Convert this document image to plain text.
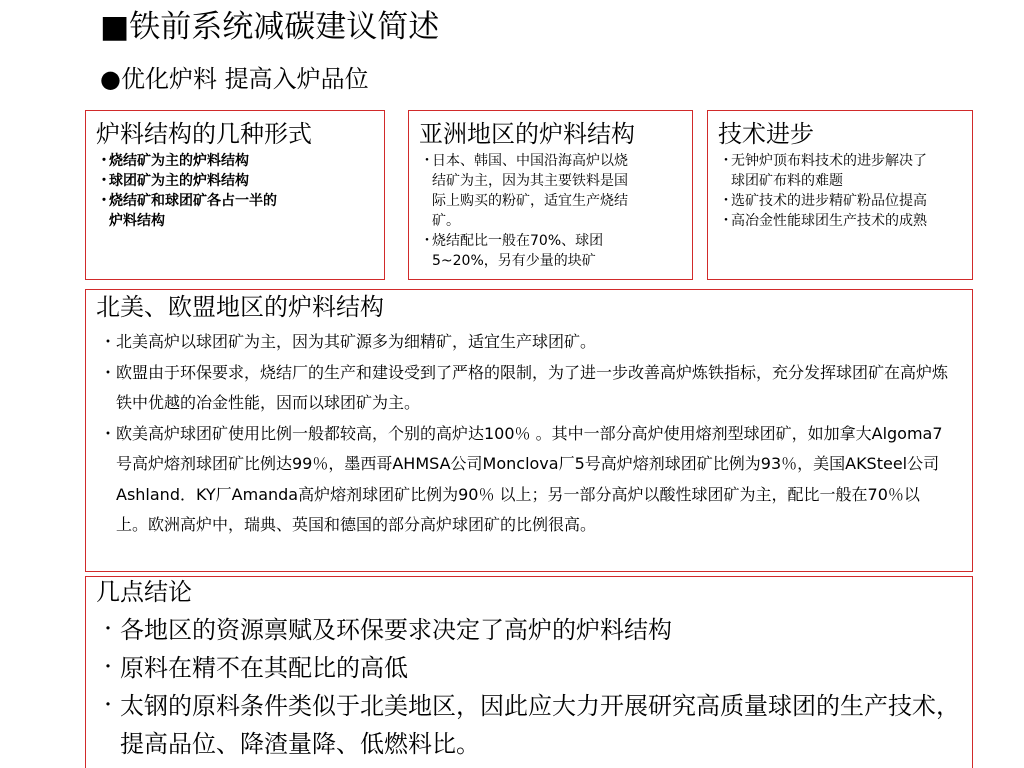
■铁前系统减碳建议简述
●优化炉料 提高入炉品位
炉料结构的几种形式
・
烧结矿为主的炉料结构
・
球团矿为主的炉料结构
・
烧结矿和球团矿各占一半的炉料结构
亚洲地区的炉料结构
・
日本、韩国、中国沿海高炉以烧结矿为主，因为其主要铁料是国际上购买的粉矿，适宜生产烧结矿。
・
烧结配比一般在70%、球团5~20%，另有少量的块矿
技术进步
・
无钟炉顶布料技术的进步解决了球团矿布料的难题
・
选矿技术的进步精矿粉品位提高
・
高冶金性能球团生产技术的成熟
北美、欧盟地区的炉料结构
・ 北美高炉以球团矿为主，因为其矿源多为细精矿，适宜生产球团矿。
・ 欧盟由于环保要求，烧结厂的生产和建设受到了严格的限制，为了进一步改善高炉炼铁指标，充分发挥球团矿在高炉炼铁中优越的冶金性能，因而以球团矿为主。
・ 欧美高炉球团矿使用比例一般都较高，个别的高炉达100％ 。其中一部分高炉使用熔剂型球团矿，如加拿大Algoma7号高炉熔剂球团矿比例达99％，墨西哥AHMSA公司Monclova厂5号高炉熔剂球团矿比例为93％，美国AKSteel公司Ashland．KY厂Amanda高炉熔剂球团矿比例为90％ 以上；另一部分高炉以酸性球团矿为主，配比一般在70％以上。欧洲高炉中，瑞典、英国和德国的部分高炉球团矿的比例很高。
几点结论
・ 各地区的资源禀赋及环保要求决定了高炉的炉料结构
・ 原料在精不在其配比的高低
・ 太钢的原料条件类似于北美地区，因此应大力开展研究高质量球团的生产技术，提高品位、降渣量降、低燃料比。
